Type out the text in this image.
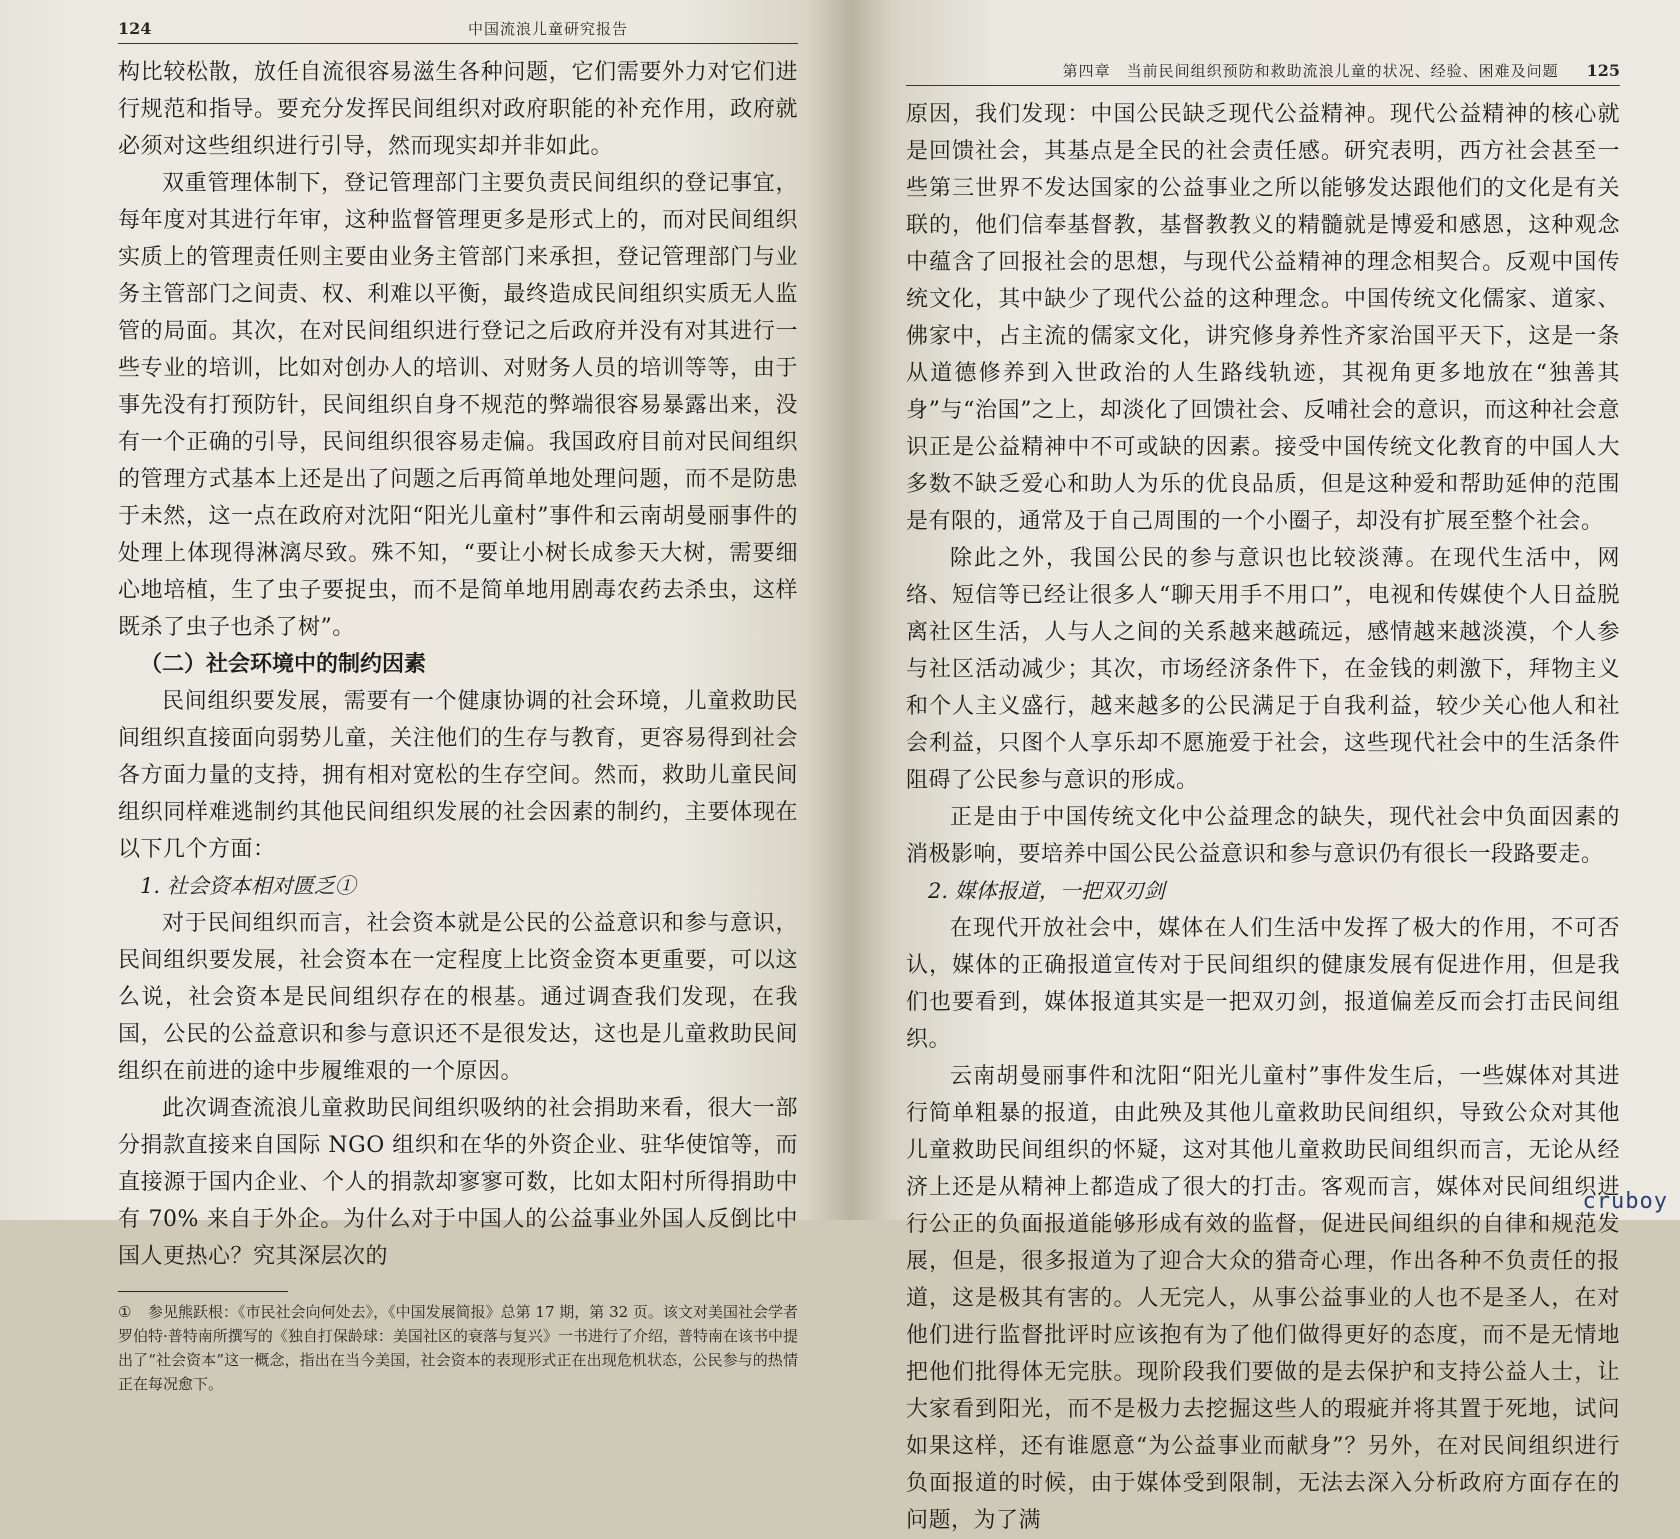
124	中国流浪儿童研究报告

构比较松散，放任自流很容易滋生各种问题，它们需要外力对它们进行规范和指导。要充分发挥民间组织对政府职能的补充作用，政府就必须对这些组织进行引导，然而现实却并非如此。

双重管理体制下，登记管理部门主要负责民间组织的登记事宜，每年度对其进行年审，这种监督管理更多是形式上的，而对民间组织实质上的管理责任则主要由业务主管部门来承担，登记管理部门与业务主管部门之间责、权、利难以平衡，最终造成民间组织实质无人监管的局面。其次，在对民间组织进行登记之后政府并没有对其进行一些专业的培训，比如对创办人的培训、对财务人员的培训等等，由于事先没有打预防针，民间组织自身不规范的弊端很容易暴露出来，没有一个正确的引导，民间组织很容易走偏。我国政府目前对民间组织的管理方式基本上还是出了问题之后再简单地处理问题，而不是防患于未然，这一点在政府对沈阳“阳光儿童村”事件和云南胡曼丽事件的处理上体现得淋漓尽致。殊不知，“要让小树长成参天大树，需要细心地培植，生了虫子要捉虫，而不是简单地用剧毒农药去杀虫，这样既杀了虫子也杀了树”。

（二）社会环境中的制约因素

民间组织要发展，需要有一个健康协调的社会环境，儿童救助民间组织直接面向弱势儿童，关注他们的生存与教育，更容易得到社会各方面力量的支持，拥有相对宽松的生存空间。然而，救助儿童民间组织同样难逃制约其他民间组织发展的社会因素的制约，主要体现在以下几个方面：

1. 社会资本相对匮乏①

对于民间组织而言，社会资本就是公民的公益意识和参与意识，民间组织要发展，社会资本在一定程度上比资金资本更重要，可以这么说，社会资本是民间组织存在的根基。通过调查我们发现，在我国，公民的公益意识和参与意识还不是很发达，这也是儿童救助民间组织在前进的途中步履维艰的一个原因。

此次调查流浪儿童救助民间组织吸纳的社会捐助来看，很大一部分捐款直接来自国际 NGO 组织和在华的外资企业、驻华使馆等，而直接源于国内企业、个人的捐款却寥寥可数，比如太阳村所得捐助中有 70% 来自于外企。为什么对于中国人的公益事业外国人反倒比中国人更热心？究其深层次的

① 参见熊跃根：《市民社会向何处去》，《中国发展简报》总第 17 期，第 32 页。该文对美国社会学者罗伯特·普特南所撰写的《独自打保龄球：美国社区的衰落与复兴》一书进行了介绍，普特南在该书中提出了“社会资本”这一概念，指出在当今美国，社会资本的表现形式正在出现危机状态，公民参与的热情正在每况愈下。

第四章　当前民间组织预防和救助流浪儿童的状况、经验、困难及问题 125

原因，我们发现：中国公民缺乏现代公益精神。现代公益精神的核心就是回馈社会，其基点是全民的社会责任感。研究表明，西方社会甚至一些第三世界不发达国家的公益事业之所以能够发达跟他们的文化是有关联的，他们信奉基督教，基督教教义的精髓就是博爱和感恩，这种观念中蕴含了回报社会的思想，与现代公益精神的理念相契合。反观中国传统文化，其中缺少了现代公益的这种理念。中国传统文化儒家、道家、佛家中，占主流的儒家文化，讲究修身养性齐家治国平天下，这是一条从道德修养到入世政治的人生路线轨迹，其视角更多地放在“独善其身”与“治国”之上，却淡化了回馈社会、反哺社会的意识，而这种社会意识正是公益精神中不可或缺的因素。接受中国传统文化教育的中国人大多数不缺乏爱心和助人为乐的优良品质，但是这种爱和帮助延伸的范围是有限的，通常及于自己周围的一个小圈子，却没有扩展至整个社会。

除此之外，我国公民的参与意识也比较淡薄。在现代生活中，网络、短信等已经让很多人“聊天用手不用口”，电视和传媒使个人日益脱离社区生活，人与人之间的关系越来越疏远，感情越来越淡漠，个人参与社区活动减少；其次，市场经济条件下，在金钱的刺激下，拜物主义和个人主义盛行，越来越多的公民满足于自我利益，较少关心他人和社会利益，只图个人享乐却不愿施爱于社会，这些现代社会中的生活条件阻碍了公民参与意识的形成。

正是由于中国传统文化中公益理念的缺失，现代社会中负面因素的消极影响，要培养中国公民公益意识和参与意识仍有很长一段路要走。

2. 媒体报道，一把双刃剑

在现代开放社会中，媒体在人们生活中发挥了极大的作用，不可否认，媒体的正确报道宣传对于民间组织的健康发展有促进作用，但是我们也要看到，媒体报道其实是一把双刃剑，报道偏差反而会打击民间组织。

云南胡曼丽事件和沈阳“阳光儿童村”事件发生后，一些媒体对其进行简单粗暴的报道，由此殃及其他儿童救助民间组织，导致公众对其他儿童救助民间组织的怀疑，这对其他儿童救助民间组织而言，无论从经济上还是从精神上都造成了很大的打击。客观而言，媒体对民间组织进行公正的负面报道能够形成有效的监督，促进民间组织的自律和规范发展，但是，很多报道为了迎合大众的猎奇心理，作出各种不负责任的报道，这是极其有害的。人无完人，从事公益事业的人也不是圣人，在对他们进行监督批评时应该抱有为了他们做得更好的态度，而不是无情地把他们批得体无完肤。现阶段我们要做的是去保护和支持公益人士，让大家看到阳光，而不是极力去挖掘这些人的瑕疵并将其置于死地，试问如果这样，还有谁愿意“为公益事业而献身”？另外，在对民间组织进行负面报道的时候，由于媒体受到限制，无法去深入分析政府方面存在的问题，为了满

cruboy
